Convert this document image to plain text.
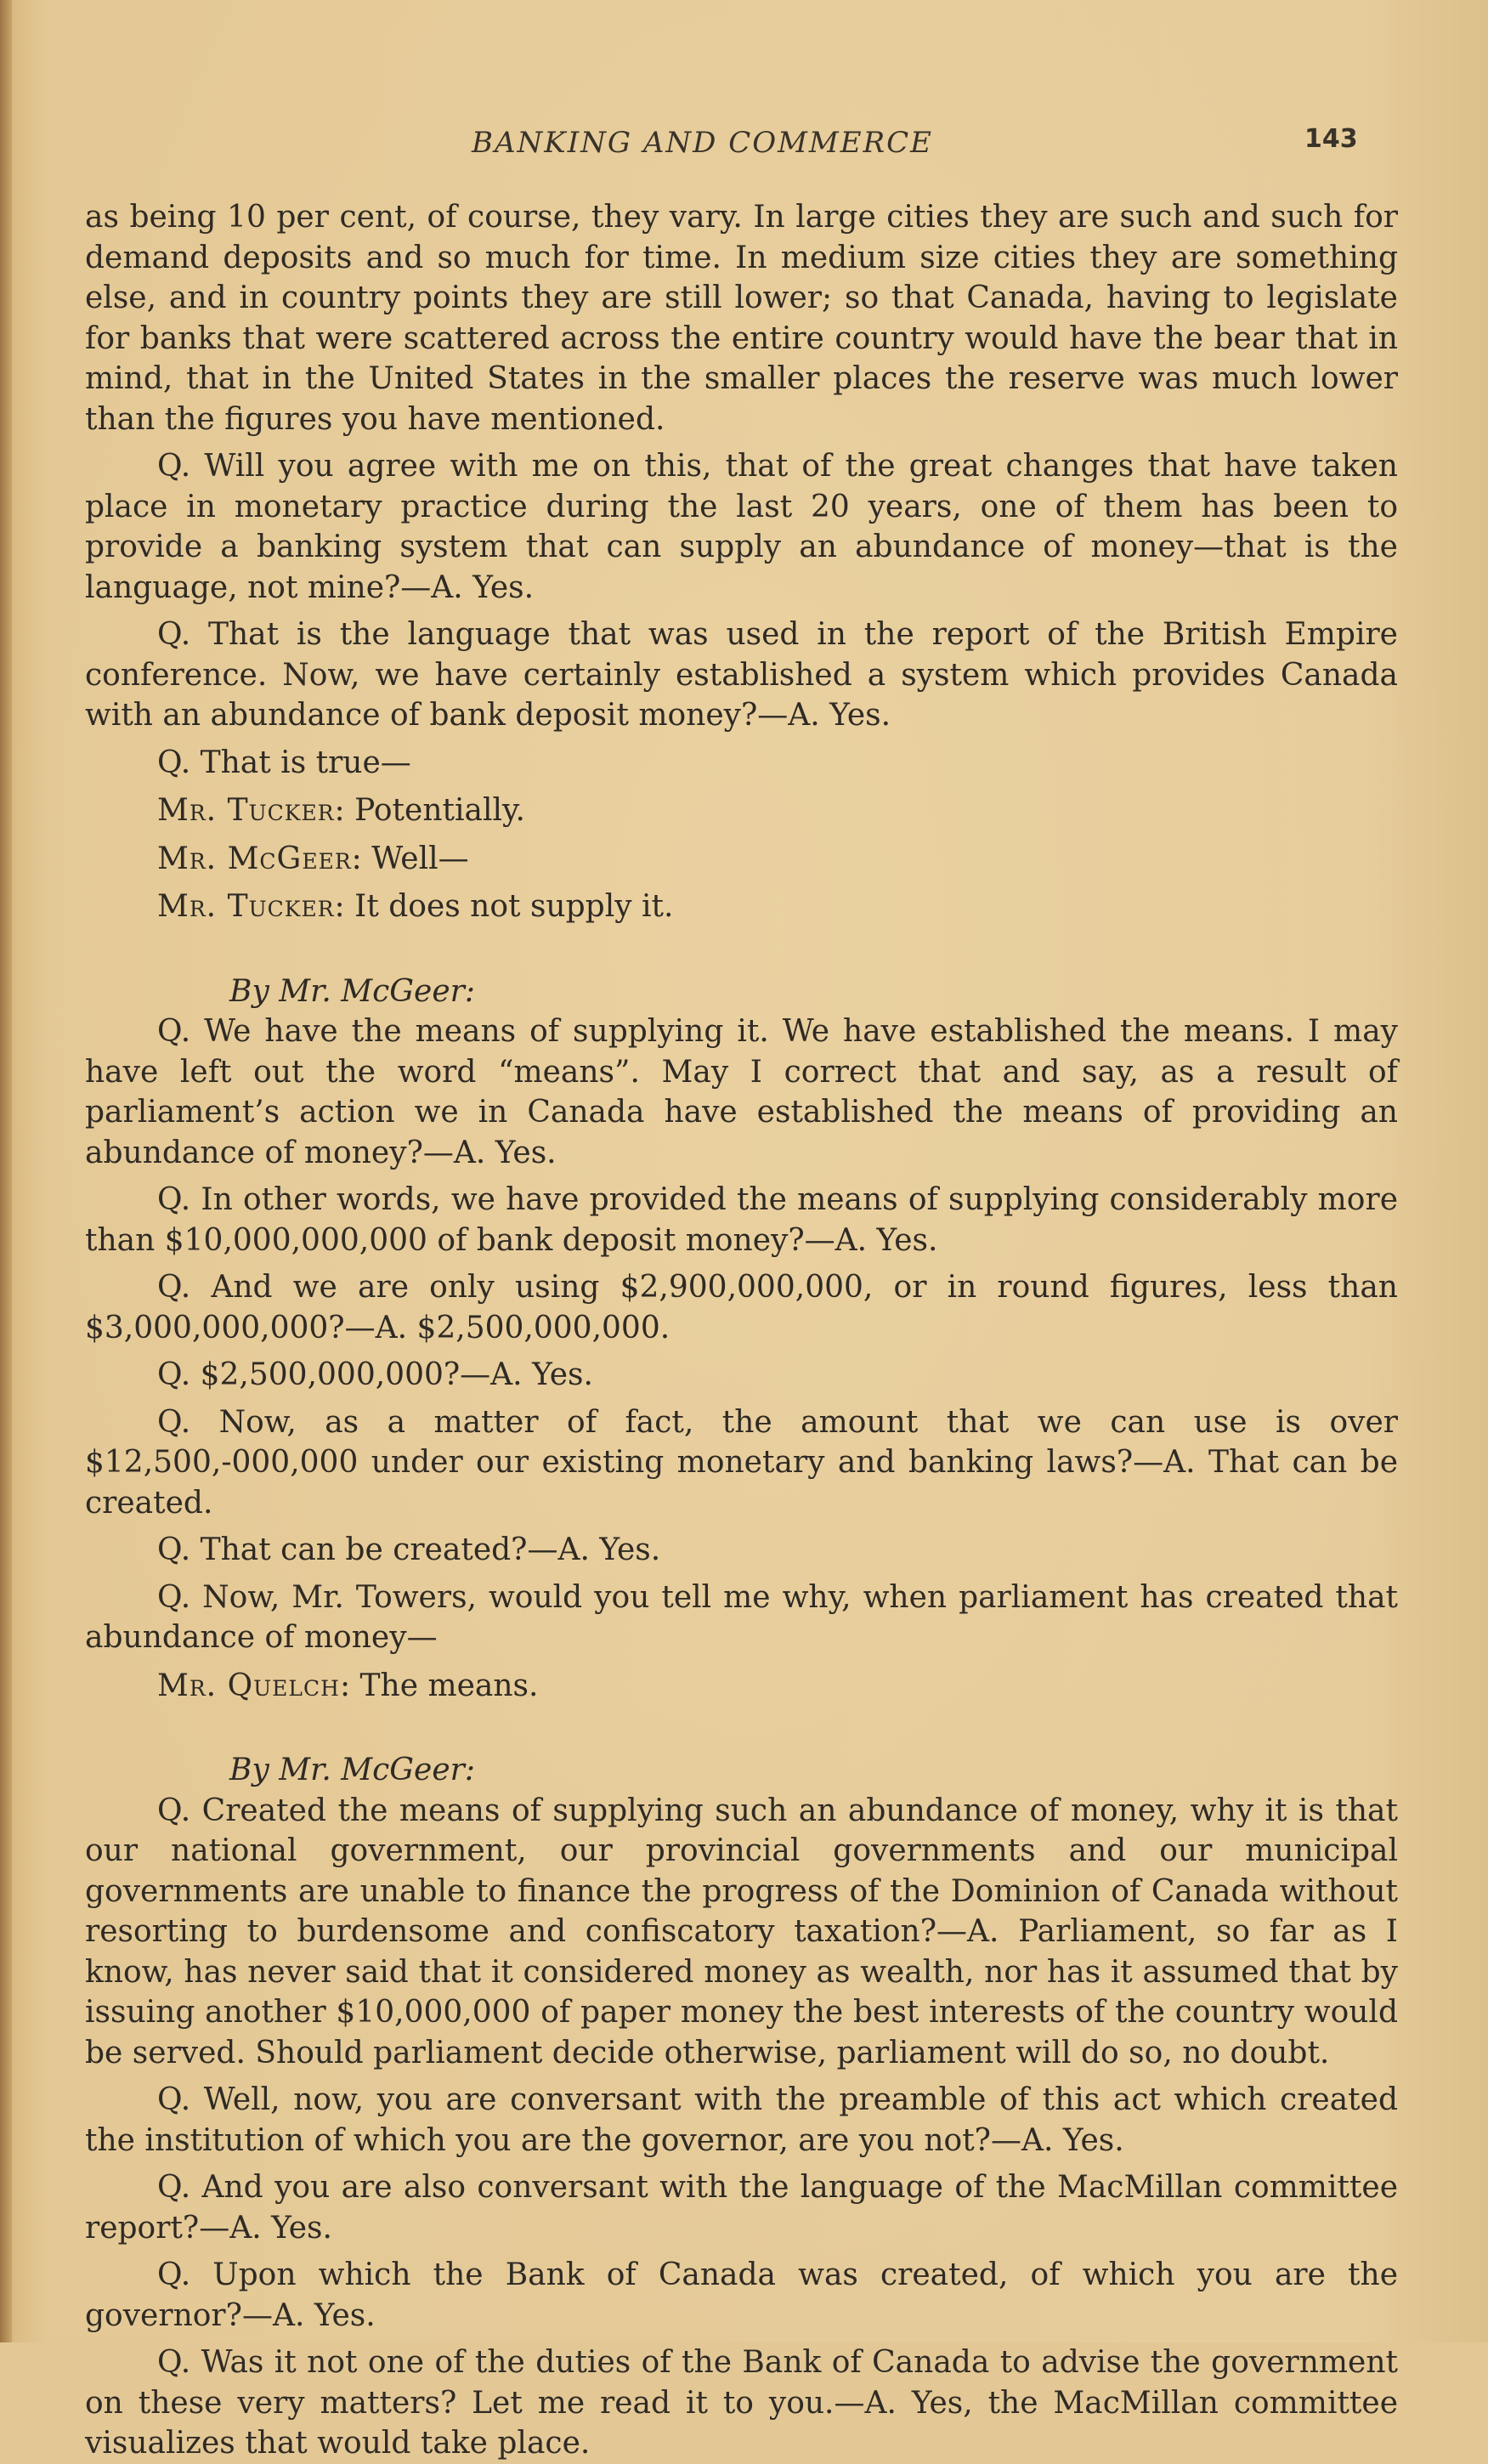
BANKING AND COMMERCE	143

as being 10 per cent, of course, they vary. In large cities they are such and such for demand deposits and so much for time. In medium size cities they are something else, and in country points they are still lower; so that Canada, having to legislate for banks that were scattered across the entire country would have the bear that in mind, that in the United States in the smaller places the reserve was much lower than the figures you have mentioned.

Q. Will you agree with me on this, that of the great changes that have taken place in monetary practice during the last 20 years, one of them has been to provide a banking system that can supply an abundance of money—that is the language, not mine?—A. Yes.

Q. That is the language that was used in the report of the British Empire conference. Now, we have certainly established a system which provides Canada with an abundance of bank deposit money?—A. Yes.

Q. That is true—

Mr. Tucker: Potentially.

Mr. McGeer: Well—

Mr. Tucker: It does not supply it.

By Mr. McGeer:

Q. We have the means of supplying it. We have established the means. I may have left out the word “means”. May I correct that and say, as a result of parliament’s action we in Canada have established the means of providing an abundance of money?—A. Yes.

Q. In other words, we have provided the means of supplying considerably more than $10,000,000,000 of bank deposit money?—A. Yes.

Q. And we are only using $2,900,000,000, or in round figures, less than $3,000,000,000?—A. $2,500,000,000.

Q. $2,500,000,000?—A. Yes.

Q. Now, as a matter of fact, the amount that we can use is over $12,500,-000,000 under our existing monetary and banking laws?—A. That can be created.

Q. That can be created?—A. Yes.

Q. Now, Mr. Towers, would you tell me why, when parliament has created that abundance of money—

Mr. Quelch: The means.

By Mr. McGeer:

Q. Created the means of supplying such an abundance of money, why it is that our national government, our provincial governments and our municipal governments are unable to finance the progress of the Dominion of Canada without resorting to burdensome and confiscatory taxation?—A. Parliament, so far as I know, has never said that it considered money as wealth, nor has it assumed that by issuing another $10,000,000 of paper money the best interests of the country would be served. Should parliament decide otherwise, parliament will do so, no doubt.

Q. Well, now, you are conversant with the preamble of this act which created the institution of which you are the governor, are you not?—A. Yes.

Q. And you are also conversant with the language of the MacMillan committee report?—A. Yes.

Q. Upon which the Bank of Canada was created, of which you are the governor?—A. Yes.

Q. Was it not one of the duties of the Bank of Canada to advise the government on these very matters? Let me read it to you.—A. Yes, the MacMillan committee visualizes that would take place.
